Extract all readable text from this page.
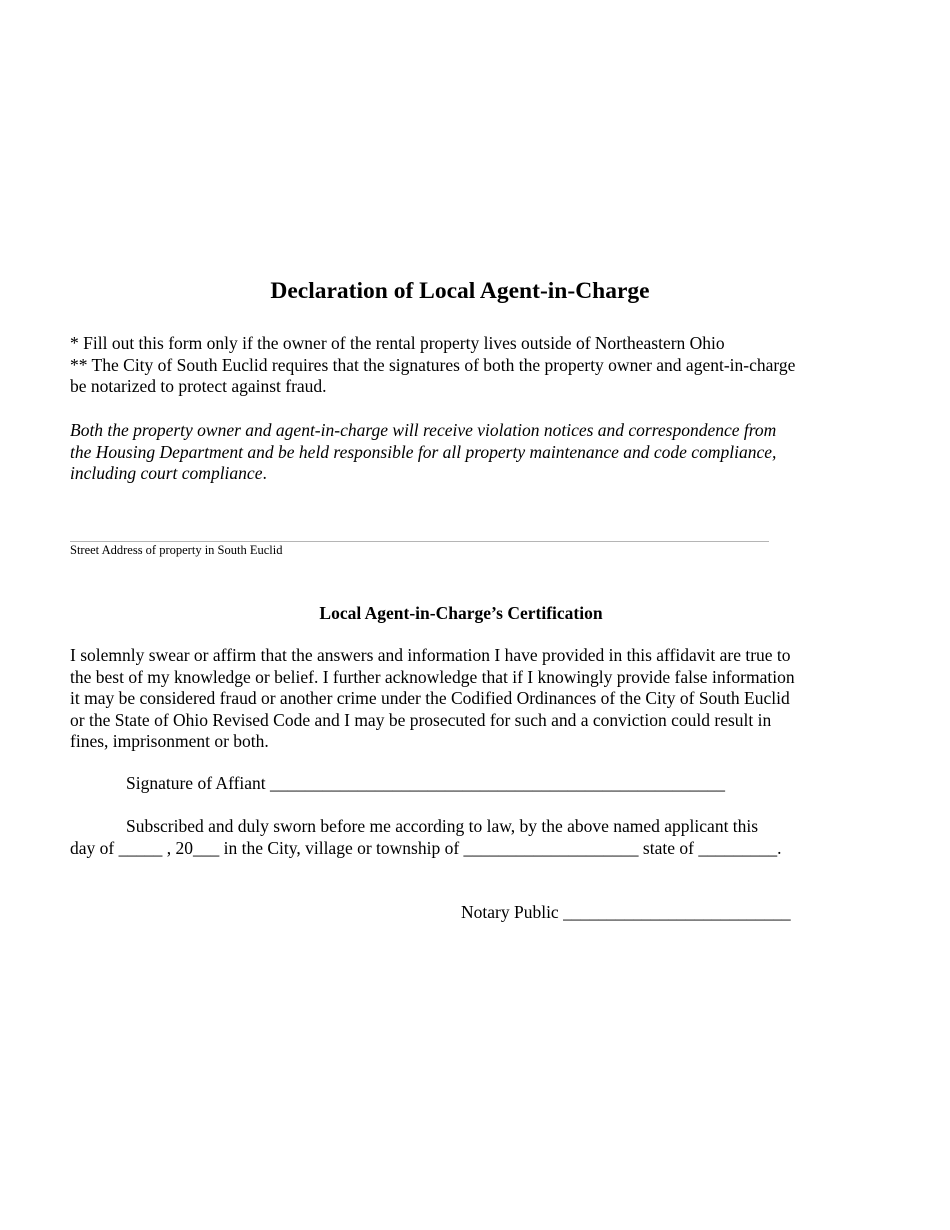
Declaration of Local Agent-in-Charge
* Fill out this form only if the owner of the rental property lives outside of Northeastern Ohio
** The City of South Euclid requires that the signatures of both the property owner and agent-in-charge
be notarized to protect against fraud.
Both the property owner and agent-in-charge will receive violation notices and correspondence from
the Housing Department and be held responsible for all property maintenance and code compliance,
including court compliance.
Street Address of property in South Euclid
Local Agent-in-Charge’s Certification
I solemnly swear or affirm that the answers and information I have provided in this affidavit are true to
the best of my knowledge or belief. I further acknowledge that if I knowingly provide false information
it may be considered fraud or another crime under the Codified Ordinances of the City of South Euclid
or the State of Ohio Revised Code and I may be prosecuted for such and a conviction could result in
fines, imprisonment or both.
Signature of Affiant ____________________________________________________
Subscribed and duly sworn before me according to law, by the above named applicant this
day of _____ , 20___ in the City, village or township of ____________________ state of _________.
Notary Public __________________________
